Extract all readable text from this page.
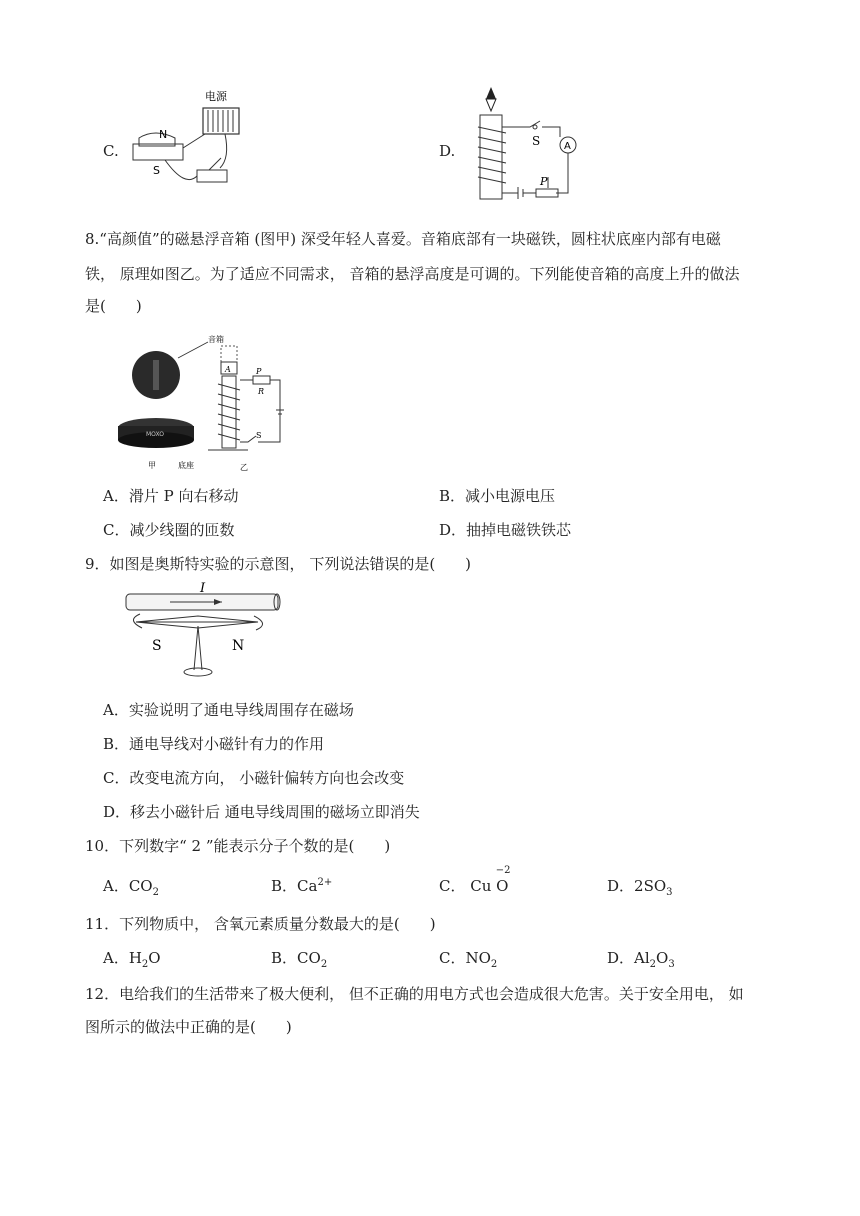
C.
电源
N
S
D.
S A
P
8.“高颜值”的磁悬浮音箱 (图甲) 深受年轻人喜爱。音箱底部有一块磁铁，圆柱状底座内部有电磁
铁， 原理如图乙。为了适应不同需求， 音箱的悬浮高度是可调的。下列能使音箱的高度上升的做法
是(　　)
音箱
MOXO
甲	底座	乙
A	P
R
S
A．滑片 P 向右移动	B．减小电源电压
C．减少线圈的匝数	D．抽掉电磁铁铁芯
9．如图是奥斯特实验的示意图， 下列说法错误的是(　　)
I
S	N
A．实验说明了通电导线周围存在磁场
B．通电导线对小磁针有力的作用
C．改变电流方向， 小磁针偏转方向也会改变
D．移去小磁针后 通电导线周围的磁场立即消失
10．下列数字“ 2 ”能表示分子个数的是(　　)
A．$CO_2$	B．$Ca^{2+}$	C．
−2
Cu O	D．$2SO_3$
11．下列物质中， 含氧元素质量分数最大的是(　　)
A．$H_2O$	B．$CO_2$	C．$NO_2$	D．$Al_2O_3$
12．电给我们的生活带来了极大便利， 但不正确的用电方式也会造成很大危害。关于安全用电， 如
图所示的做法中正确的是(　　)
